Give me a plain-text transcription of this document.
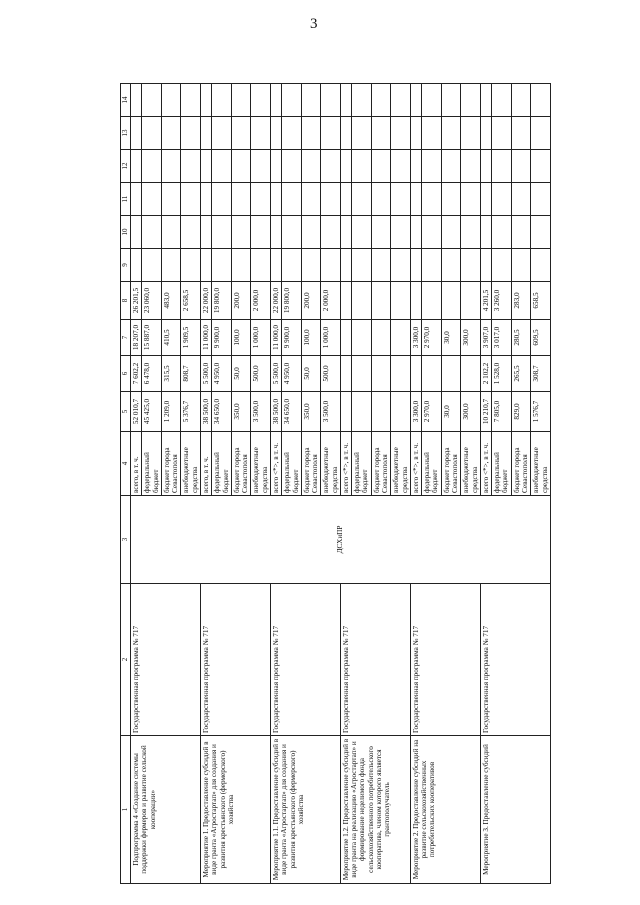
3
1	2	3	4	5	6	7	8	9	10	11	12	13	14
Подпрограмма 4 «Создание системы поддержки фермеров и развитие сельской кооперации»	Государственная программа № 717	ДСХиПР	всего, в т. ч.	52 010,7	7 602,2	18 207,0	26 201,5						
			федеральный бюджет	45 425,0	6 478,0	15 887,0	23 060,0						
			бюджет города Севастополя	1 209,0	315,5	410,5	483,0						
			внебюджетные средства	5 376,7	808,7	1 909,5	2 658,5						
Мероприятие 1. Предоставление субсидий в виде гранта «Агростартап» для создания и развития крестьянского (фермерского) хозяйства	Государственная программа № 717		всего, в т. ч.	38 500,0	5 500,0	11 000,0	22 000,0						
			федеральный бюджет	34 650,0	4 950,0	9 900,0	19 800,0						
			бюджет города Севастополя	350,0	50,0	100,0	200,0						
			внебюджетные средства	3 500,0	500,0	1 000,0	2 000,0						
Мероприятие 1.1. Предоставление субсидий в виде гранта «Агростартап» для создания и развития крестьянского (фермерского) хозяйства	Государственная программа № 717		всего <*>, в т. ч.	38 500,0	5 500,0	11 000,0	22 000,0						
			федеральный бюджет	34 650,0	4 950,0	9 900,0	19 800,0						
			бюджет города Севастополя	350,0	50,0	100,0	200,0						
			внебюджетные средства	3 500,0	500,0	1 000,0	2 000,0						
Мероприятие 1.2. Предоставление субсидий в виде гранта на реализацию «Агростартап» и формирование неделимого фонда сельскохозяйственного потребительского кооператива, членом которого является грантополучатель	Государственная программа № 717		всего <*>, в т. ч.										
			федеральный бюджет										
			бюджет города Севастополя										
			внебюджетные средства										
Мероприятие 2. Предоставление субсидий на развитие сельскохозяйственных потребительских кооперативов	Государственная программа № 717		всего <*>, в т. ч.	3 300,0		3 300,0							
			федеральный бюджет	2 970,0		2 970,0							
			бюджет города Севастополя	30,0		30,0							
			внебюджетные средства	300,0		300,0							
Мероприятие 3. Предоставление субсидий	Государственная программа № 717		всего <*>, в т. ч.	10 210,7	2 102,2	3 907,0	4 201,5						
			федеральный бюджет	7 805,0	1 528,0	3 017,0	3 260,0						
			бюджет города Севастополя	829,0	265,5	280,5	283,0						
			внебюджетные средства	1 576,7	308,7	609,5	658,5						
